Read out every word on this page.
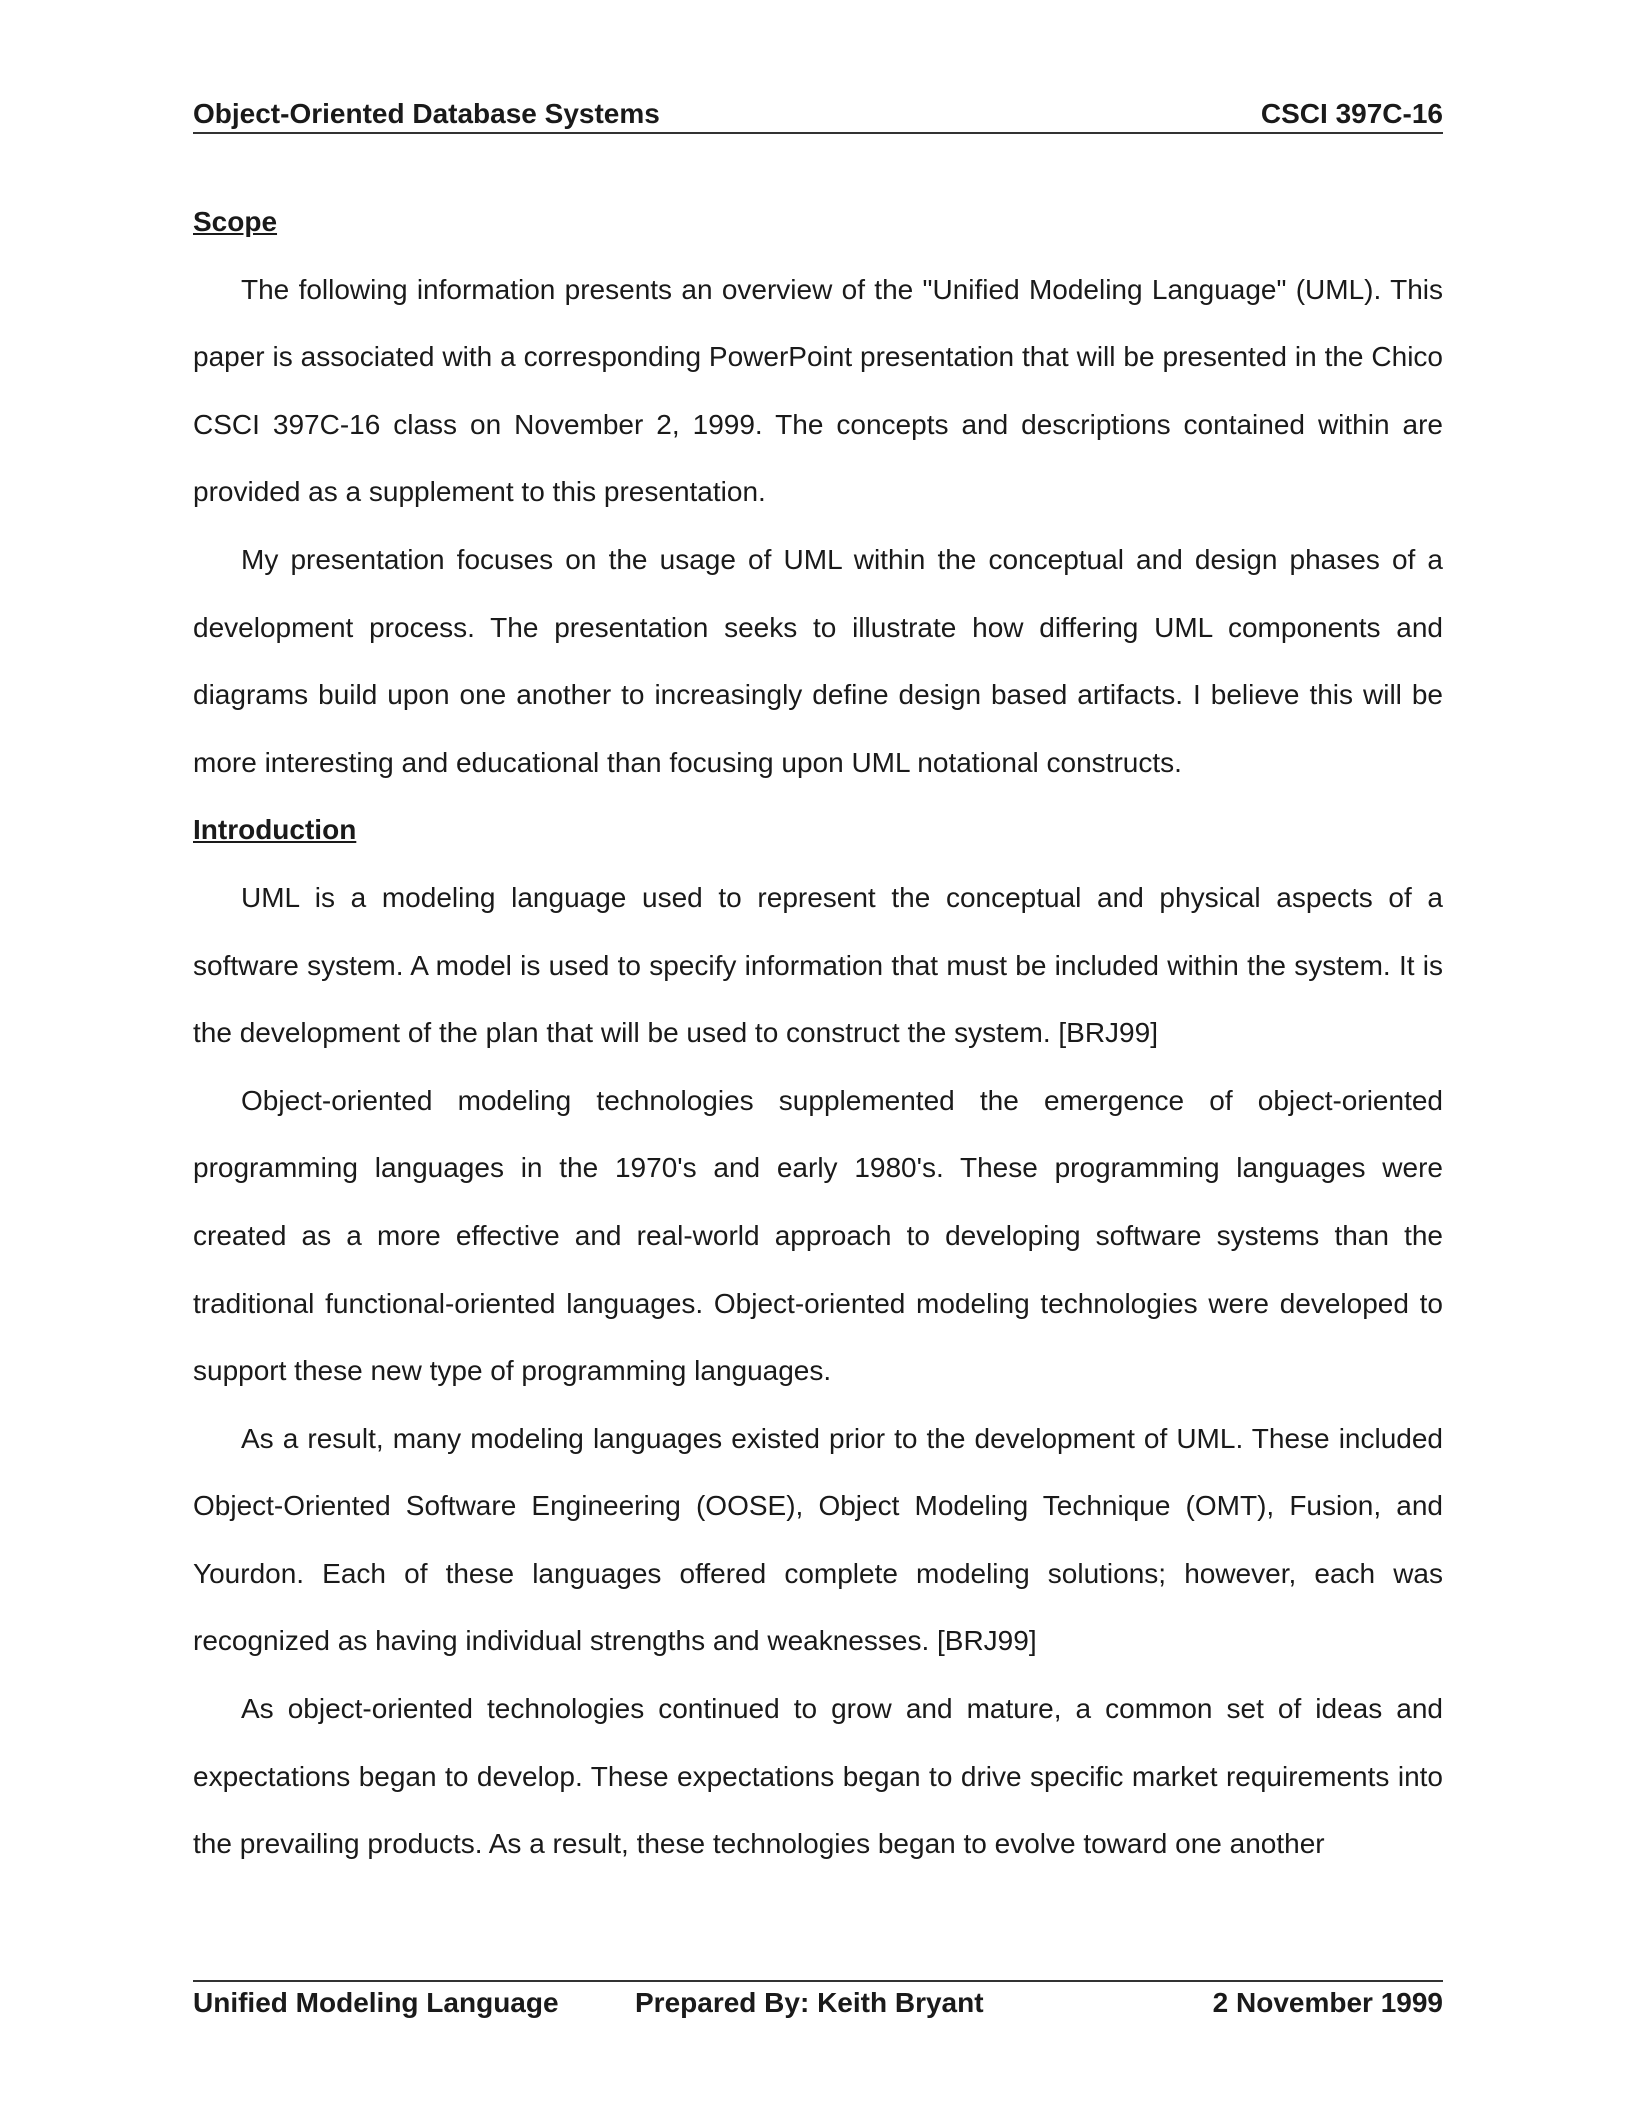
Object-Oriented Database Systems	CSCI 397C-16
Scope

The following information presents an overview of the "Unified Modeling Language" (UML). This paper is associated with a corresponding PowerPoint presentation that will be presented in the Chico CSCI 397C-16 class on November 2, 1999. The concepts and descriptions contained within are provided as a supplement to this presentation.

My presentation focuses on the usage of UML within the conceptual and design phases of a development process. The presentation seeks to illustrate how differing UML components and diagrams build upon one another to increasingly define design based artifacts. I believe this will be more interesting and educational than focusing upon UML notational constructs.

Introduction

UML is a modeling language used to represent the conceptual and physical aspects of a software system. A model is used to specify information that must be included within the system. It is the development of the plan that will be used to construct the system. [BRJ99]

Object-oriented modeling technologies supplemented the emergence of object-oriented programming languages in the 1970's and early 1980's. These programming languages were created as a more effective and real-world approach to developing software systems than the traditional functional-oriented languages. Object-oriented modeling technologies were developed to support these new type of programming languages.

As a result, many modeling languages existed prior to the development of UML. These included Object-Oriented Software Engineering (OOSE), Object Modeling Technique (OMT), Fusion, and Yourdon. Each of these languages offered complete modeling solutions; however, each was recognized as having individual strengths and weaknesses. [BRJ99]

As object-oriented technologies continued to grow and mature, a common set of ideas and expectations began to develop. These expectations began to drive specific market requirements into the prevailing products. As a result, these technologies began to evolve toward one another

Unified Modeling Language	Prepared By: Keith Bryant	2 November 1999
